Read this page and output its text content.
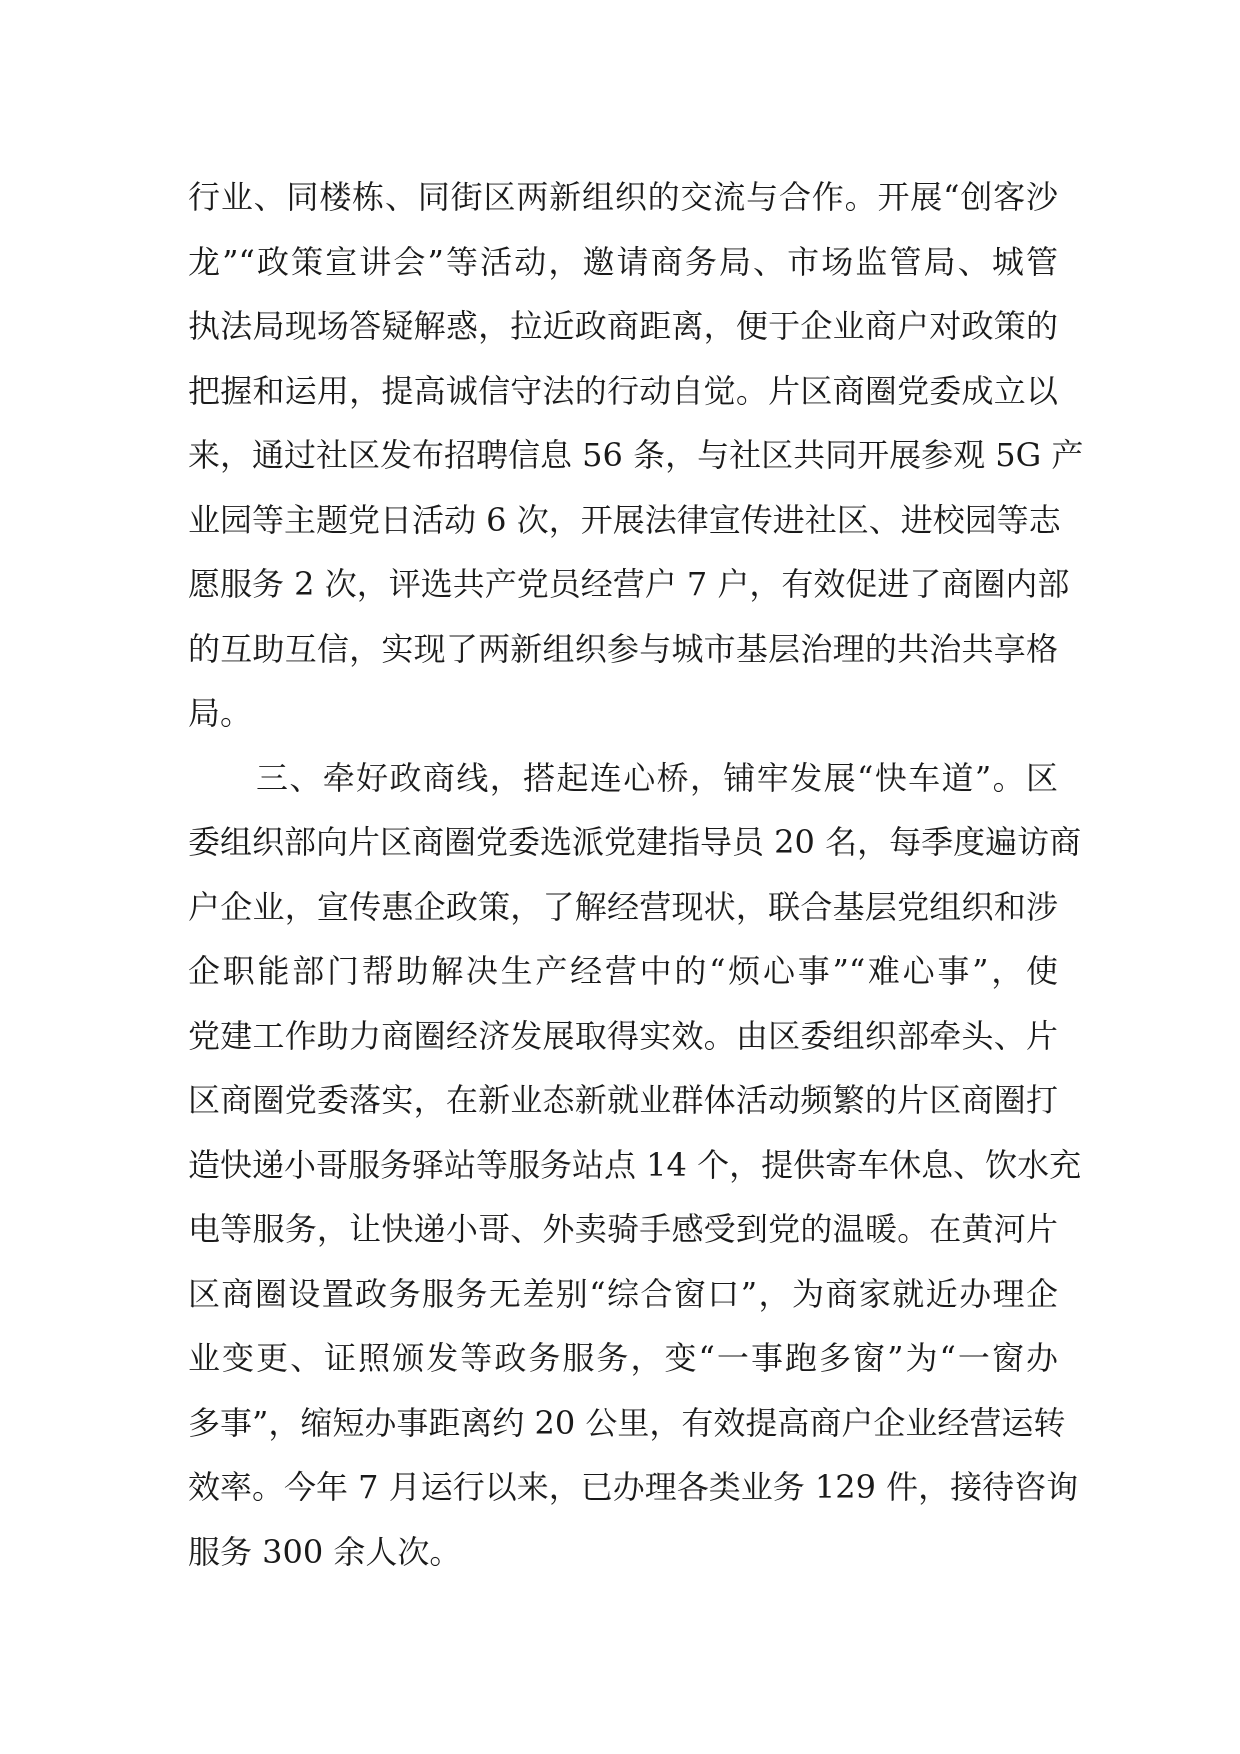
行业、同楼栋、同街区两新组织的交流与合作。开展“创客沙
龙”“政策宣讲会”等活动，邀请商务局、市场监管局、城管
执法局现场答疑解惑，拉近政商距离，便于企业商户对政策的
把握和运用，提高诚信守法的行动自觉。片区商圈党委成立以
来，通过社区发布招聘信息 56 条，与社区共同开展参观 5G 产
业园等主题党日活动 6 次，开展法律宣传进社区、进校园等志
愿服务 2 次，评选共产党员经营户 7 户，有效促进了商圈内部
的互助互信，实现了两新组织参与城市基层治理的共治共享格
局。
三、牵好政商线，搭起连心桥，铺牢发展“快车道”。区
委组织部向片区商圈党委选派党建指导员 20 名，每季度遍访商
户企业，宣传惠企政策，了解经营现状，联合基层党组织和涉
企职能部门帮助解决生产经营中的“烦心事”“难心事”，使
党建工作助力商圈经济发展取得实效。由区委组织部牵头、片
区商圈党委落实，在新业态新就业群体活动频繁的片区商圈打
造快递小哥服务驿站等服务站点 14 个，提供寄车休息、饮水充
电等服务，让快递小哥、外卖骑手感受到党的温暖。在黄河片
区商圈设置政务服务无差别“综合窗口”，为商家就近办理企
业变更、证照颁发等政务服务，变“一事跑多窗”为“一窗办
多事”，缩短办事距离约 20 公里，有效提高商户企业经营运转
效率。今年 7 月运行以来，已办理各类业务 129 件，接待咨询
服务 300 余人次。
